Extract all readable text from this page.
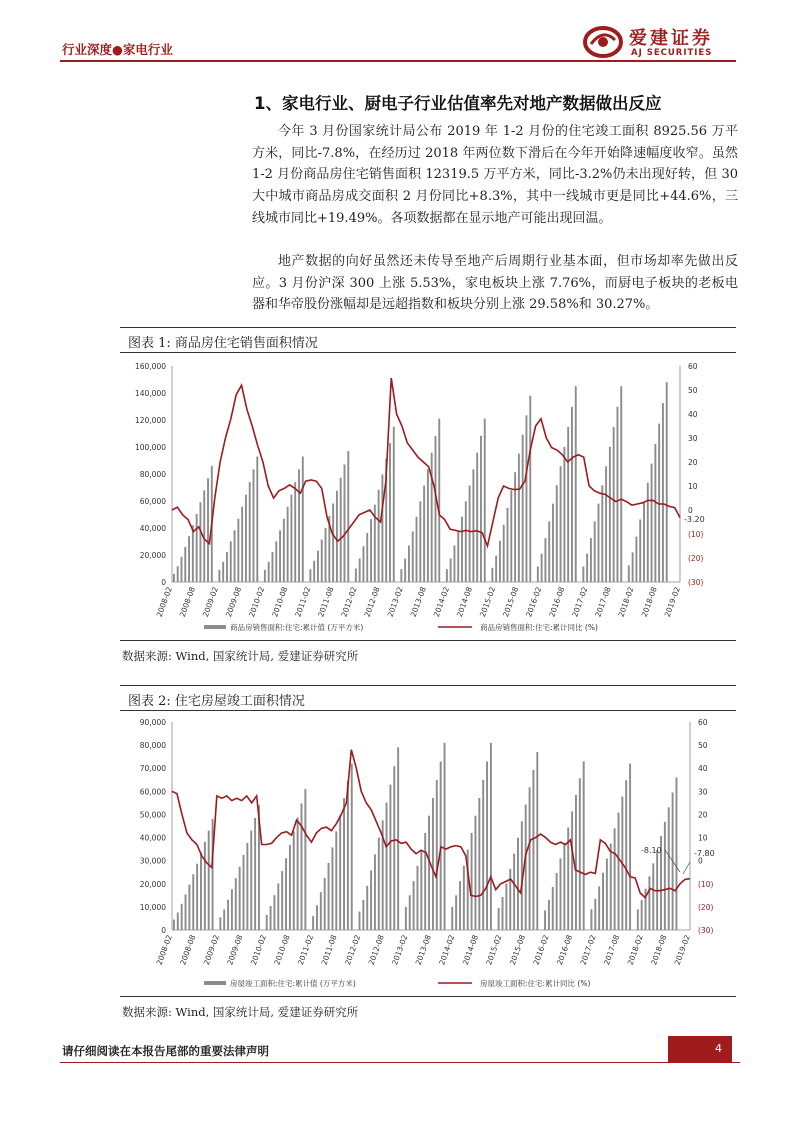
行业深度●家电行业
爱建证券
AJ SECURITIES
1、家电行业、厨电子行业估值率先对地产数据做出反应

今年 3 月份国家统计局公布 2019 年 1-2 月份的住宅竣工面积 8925.56 万平方米，同比-7.8%，在经历过 2018 年两位数下滑后在今年开始降速幅度收窄。虽然 1-2 月份商品房住宅销售面积 12319.5 万平方米，同比-3.2%仍未出现好转，但 30 大中城市商品房成交面积 2 月份同比+8.3%，其中一线城市更是同比+44.6%，三线城市同比+19.49%。各项数据都在显示地产可能出现回温。

地产数据的向好虽然还未传导至地产后周期行业基本面，但市场却率先做出反应。3 月份沪深 300 上涨 5.53%，家电板块上涨 7.76%，而厨电子板块的老板电器和华帝股份涨幅却是远超指数和板块分别上涨 29.58%和 30.27%。

图表 1: 商品房住宅销售面积情况
0
20,000
40,000
60,000
80,000
100,000
120,000
140,000
160,000	60
50
40
30
20
10
0
(10)
(20)
(30)
2008-02 2008-08 2009-02 2009-08 2010-02 2010-08 2011-02 2011-08 2012-02 2012-08 2013-02 2013-08 2014-02 2014-08 2015-02 2015-08 2016-02 2016-08 2017-02 2017-08 2018-02 2018-08 2019-02
商品房销售面积:住宅:累计值 (万平方米)	商品房销售面积:住宅:累计同比 (%)
-3.20
数据来源: Wind, 国家统计局, 爱建证券研究所
图表 2: 住宅房屋竣工面积情况
0
10,000
20,000
30,000
40,000
50,000
60,000
70,000
80,000
90,000	60
50
40
30
20
10
0
(10)
(20)
(30)
2008-02 2008-08 2009-02 2009-08 2010-02 2010-08 2011-02 2011-08 2012-02 2012-08 2013-02 2013-08 2014-02 2014-08 2015-02 2015-08 2016-02 2016-08 2017-02 2017-08 2018-02 2018-08 2019-02
房屋竣工面积:住宅:累计值 (万平方米)	房屋竣工面积:住宅:累计同比 (%)
-8.10	-7.80
数据来源: Wind, 国家统计局, 爱建证券研究所
请仔细阅读在本报告尾部的重要法律声明	4
